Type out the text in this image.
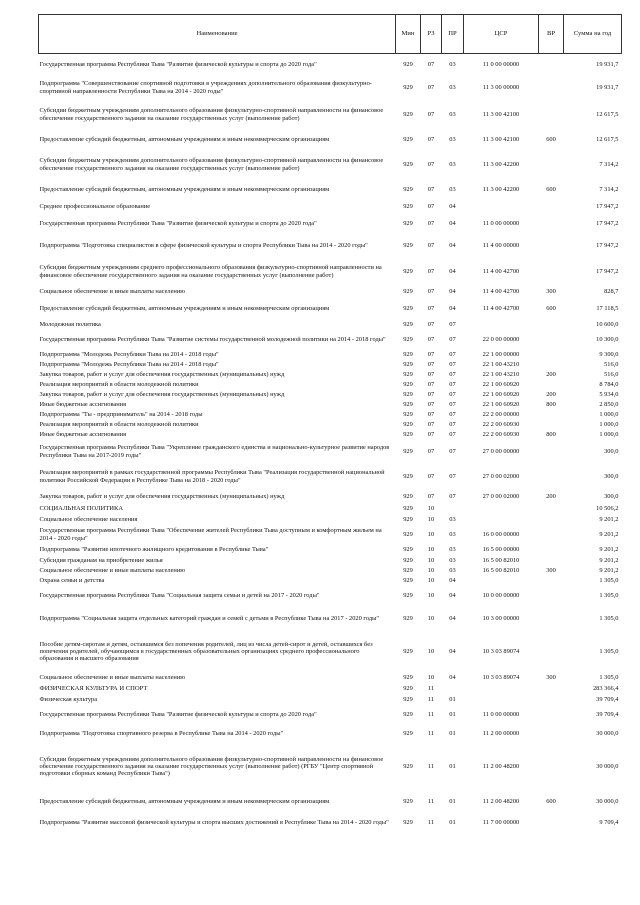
Наименование	Мин	РЗ	ПР	ЦСР	ВР	Сумма на год
Государственная программа Республики Тыва "Развитие физической культуры и спорта до 2020 года"	929	07	03	11 0 00 00000		19 931,7
Подпрограмма "Совершенствование спортивной подготовки в учреждениях дополнительного образования физкультурно-спортивной направленности Республики Тыва на 2014 - 2020 годы"	929	07	03	11 3 00 00000		19 931,7
Субсидии бюджетным учреждениям дополнительного образования физкультурно-спортивной направленности на финансовое обеспечение государственного задания на оказание государственных услуг (выполнение работ)	929	07	03	11 3 00 42100		12 617,5
Предоставление субсидий бюджетным, автономным учреждениям и иным некоммерческим организациям	929	07	03	11 3 00 42100	600	12 617,5
Субсидии бюджетным учреждениям дополнительного образования физкультурно-спортивной направленности на финансовое обеспечение государственного задания на оказание государственных услуг (выполнение работ)	929	07	03	11 3 00 42200		7 314,2
Предоставление субсидий бюджетным, автономным учреждениям и иным некоммерческим организациям	929	07	03	11 3 00 42200	600	7 314,2
Среднее профессиональное образование	929	07	04			17 947,2
Государственная программа Республики Тыва "Развитие физической культуры и спорта до 2020 года"	929	07	04	11 0 00 00000		17 947,2
Подпрограмма "Подготовка специалистов в сфере физической культуры и спорта Республики Тыва на 2014 - 2020 годы"	929	07	04	11 4 00 00000		17 947,2
Субсидии бюджетным учреждениям среднего профессионального образования физкультурно-спортивной направленности на финансовое обеспечение государственного задания на оказание государственных услуг (выполнение работ)	929	07	04	11 4 00 42700		17 947,2
Социальное обеспечение и иные выплаты населению	929	07	04	11 4 00 42700	300	828,7
Предоставление субсидий бюджетным, автономным учреждениям и иным некоммерческим организациям	929	07	04	11 4 00 42700	600	17 118,5
Молодежная политика	929	07	07			10 600,0
Государственная программа Республики Тыва "Развитие системы государственной молодежной политики на 2014 - 2018 годы"	929	07	07	22 0 00 00000		10 300,0
Подпрограмма "Молодежь Республики Тыва на 2014 - 2018 годы"	929	07	07	22 1 00 00000		9 300,0
Подпрограмма "Молодежь Республики Тыва на 2014 - 2018 годы"	929	07	07	22 1 00 43210		516,0
Закупка товаров, работ и услуг для обеспечения государственных (муниципальных) нужд	929	07	07	22 1 00 43210	200	516,0
Реализация мероприятий в области молодежной политики	929	07	07	22 1 00 60920		8 784,0
Закупка товаров, работ и услуг для обеспечения государственных (муниципальных) нужд	929	07	07	22 1 00 60920	200	5 934,0
Иные бюджетные ассигнования	929	07	07	22 1 00 60920	800	2 850,0
Подпрограмма "Ты - предприниматель" на 2014 - 2018 годы	929	07	07	22 2 00 00000		1 000,0
Реализация мероприятий в области молодежной политики	929	07	07	22 2 00 60930		1 000,0
Иные бюджетные ассигнования	929	07	07	22 2 00 60930	800	1 000,0
Государственная программа Республики Тыва "Укрепление гражданского единства и национально-культурное развитие народов Республики Тыва на 2017-2019 годы"	929	07	07	27 0 00 00000		300,0
Реализация мероприятий в рамках государственной программы Республики Тыва "Реализация государственной национальной политики Российской Федерации в Республике Тыва на 2018 - 2020 годы"	929	07	07	27 0 00 02000		300,0
Закупка товаров, работ и услуг для обеспечения государственных (муниципальных) нужд	929	07	07	27 0 00 02000	200	300,0
СОЦИАЛЬНАЯ ПОЛИТИКА	929	10				10 506,2
Социальное обеспечение населения	929	10	03			9 201,2
Государственная программа Республики Тыва "Обеспечение жителей Республики Тыва доступным и комфортным жильем на 2014 - 2020 годы"	929	10	03	16 0 00 00000		9 201,2
Подпрограмма "Развитие ипотечного жилищного кредитования в Республике Тыва"	929	10	03	16 5 00 00000		9 201,2
Субсидия гражданам на приобретение жилья	929	10	03	16 5 00 82010		9 201,2
Социальное обеспечение и иные выплаты населению	929	10	03	16 5 00 82010	300	9 201,2
Охрана семьи и детства	929	10	04			1 305,0
Государственная программа Республики Тыва "Социальная защита семьи и детей на 2017 - 2020 годы"	929	10	04	10 0 00 00000		1 305,0
Подпрограмма "Социальная защита отдельных категорий граждан и семей с детьми в Республике Тыва на 2017 - 2020 годы"	929	10	04	10 3 00 00000		1 305,0
Пособие детям-сиротам и детям, оставшимся без попечения родителей, лиц из числа детей-сирот и детей, оставшихся без попечения родителей, обучающимся в государственных образовательных организациях среднего профессионального образования и высшего образования	929	10	04	10 3 03 89074		1 305,0
Социальное обеспечение и иные выплаты населению	929	10	04	10 3 03 89074	300	1 305,0
ФИЗИЧЕСКАЯ КУЛЬТУРА И СПОРТ	929	11				283 366,4
Физическая культура	929	11	01			39 709,4
Государственная программа Республики Тыва "Развитие физической культуры и спорта до 2020 года"	929	11	01	11 0 00 00000		39 709,4
Подпрограмма "Подготовка спортивного резерва в Республике Тыва на 2014 - 2020 годы"	929	11	01	11 2 00 00000		30 000,0
Субсидии бюджетным учреждениям дополнительного образования физкультурно-спортивной направленности на финансовое обеспечение государственного задания на оказание государственных услуг (выполнение работ) (РГБУ "Центр спортивной подготовки сборных команд Республики Тыва")	929	11	01	11 2 00 48200		30 000,0
Предоставление субсидий бюджетным, автономным учреждениям и иным некоммерческим организациям	929	11	01	11 2 00 48200	600	30 000,0
Подпрограмма "Развитие массовой физической культуры и спорта высших достижений в Республике Тыва на 2014 - 2020 годы"	929	11	01	11 7 00 00000		9 709,4
